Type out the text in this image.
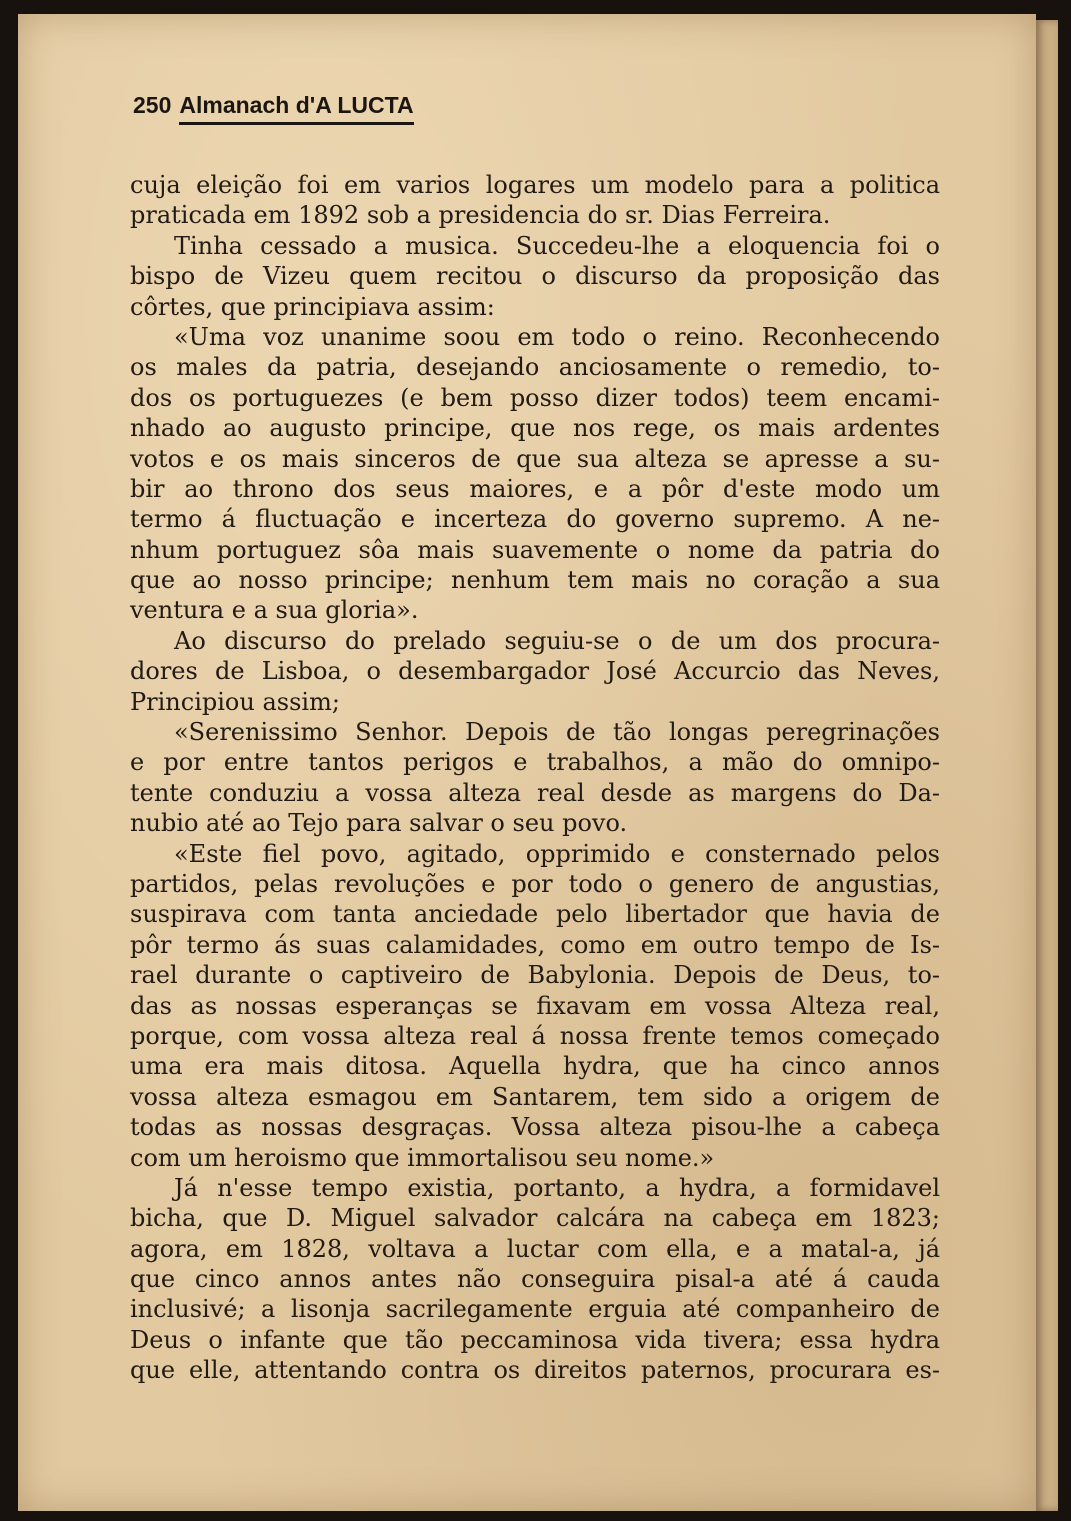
250 Almanach d'A LUCTA
cuja eleição foi em varios logares um modelo para a politica
praticada em 1892 sob a presidencia do sr. Dias Ferreira.
Tinha cessado a musica. Succedeu-lhe a eloquencia foi o
bispo de Vizeu quem recitou o discurso da proposição das
côrtes, que principiava assim:
«Uma voz unanime soou em todo o reino. Reconhecendo
os males da patria, desejando anciosamente o remedio, to-
dos os portuguezes (e bem posso dizer todos) teem encami-
nhado ao augusto principe, que nos rege, os mais ardentes
votos e os mais sinceros de que sua alteza se apresse a su-
bir ao throno dos seus maiores, e a pôr d'este modo um
termo á fluctuação e incerteza do governo supremo. A ne-
nhum portuguez sôa mais suavemente o nome da patria do
que ao nosso principe; nenhum tem mais no coração a sua
ventura e a sua gloria».
Ao discurso do prelado seguiu-se o de um dos procura-
dores de Lisboa, o desembargador José Accurcio das Neves,
Principiou assim;
«Serenissimo Senhor. Depois de tão longas peregrinações
e por entre tantos perigos e trabalhos, a mão do omnipo-
tente conduziu a vossa alteza real desde as margens do Da-
nubio até ao Tejo para salvar o seu povo.
«Este fiel povo, agitado, opprimido e consternado pelos
partidos, pelas revoluções e por todo o genero de angustias,
suspirava com tanta anciedade pelo libertador que havia de
pôr termo ás suas calamidades, como em outro tempo de Is-
rael durante o captiveiro de Babylonia. Depois de Deus, to-
das as nossas esperanças se fixavam em vossa Alteza real,
porque, com vossa alteza real á nossa frente temos começado
uma era mais ditosa. Aquella hydra, que ha cinco annos
vossa alteza esmagou em Santarem, tem sido a origem de
todas as nossas desgraças. Vossa alteza pisou-lhe a cabeça
com um heroismo que immortalisou seu nome.»
Já n'esse tempo existia, portanto, a hydra, a formidavel
bicha, que D. Miguel salvador calcára na cabeça em 1823;
agora, em 1828, voltava a luctar com ella, e a matal-a, já
que cinco annos antes não conseguira pisal-a até á cauda
inclusivé; a lisonja sacrilegamente erguia até companheiro de
Deus o infante que tão peccaminosa vida tivera; essa hydra
que elle, attentando contra os direitos paternos, procurara es-
